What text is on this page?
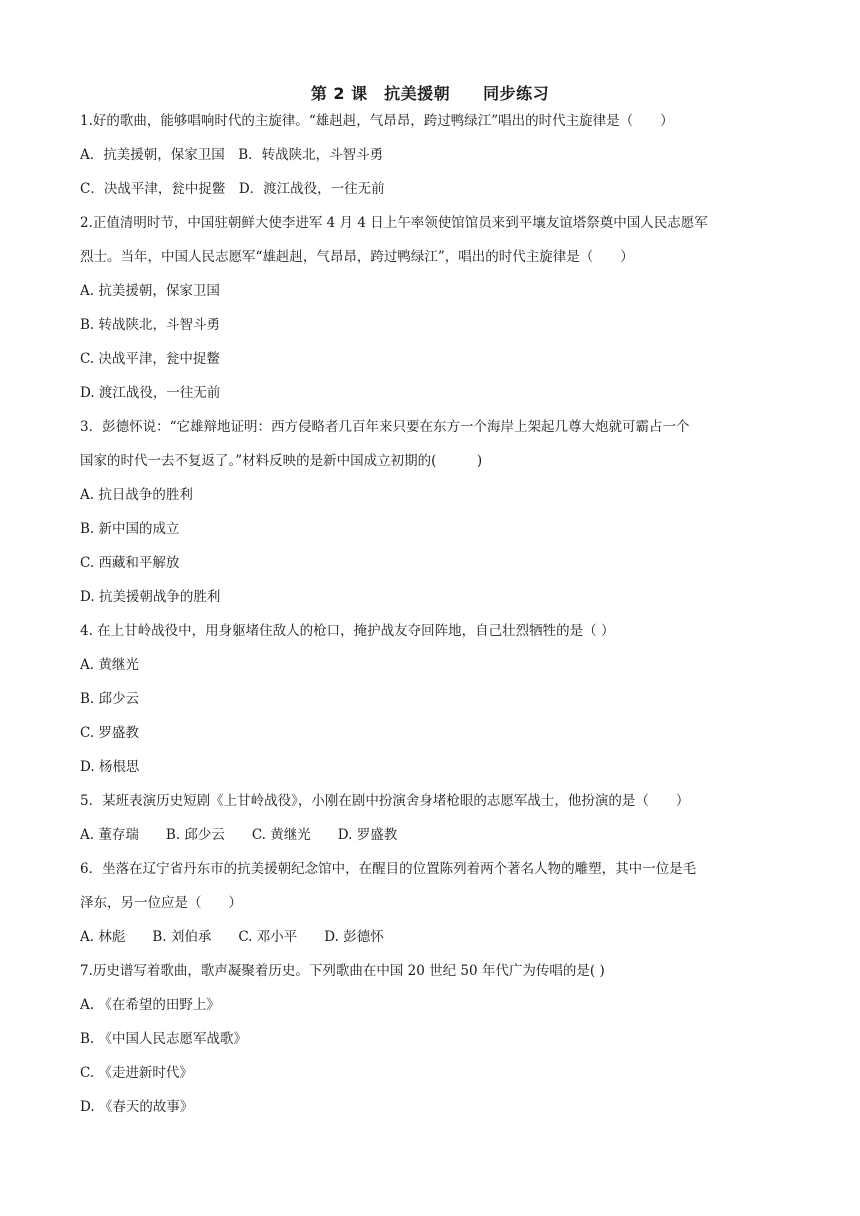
第 2 课　抗美援朝　　同步练习
1.好的歌曲，能够唱响时代的主旋律。“雄赳赳，气昂昂，跨过鸭绿江”唱出的时代主旋律是（　　）
A．抗美援朝，保家卫国　B．转战陕北，斗智斗勇
C．决战平津，瓮中捉鳖　D．渡江战役，一往无前
2.正值清明时节，中国驻朝鲜大使李进军 4 月 4 日上午率领使馆馆员来到平壤友谊塔祭奠中国人民志愿军
烈士。当年，中国人民志愿军“雄赳赳，气昂昂，跨过鸭绿江”，唱出的时代主旋律是（　　）
A. 抗美援朝，保家卫国
B. 转战陕北，斗智斗勇
C. 决战平津，瓮中捉鳖
D. 渡江战役，一往无前
3．彭德怀说：“它雄辩地证明：西方侵略者几百年来只要在东方一个海岸上架起几尊大炮就可霸占一个
国家的时代一去不复返了。”材料反映的是新中国成立初期的(　　　)
A. 抗日战争的胜利
B. 新中国的成立
C. 西藏和平解放
D. 抗美援朝战争的胜利
4. 在上甘岭战役中，用身躯堵住敌人的枪口，掩护战友夺回阵地，自己壮烈牺牲的是（ ）
A. 黄继光
B. 邱少云
C. 罗盛教
D. 杨根思
5．某班表演历史短剧《上甘岭战役》，小刚在剧中扮演舍身堵枪眼的志愿军战士，他扮演的是（　　）
A. 董存瑞　　B. 邱少云　　C. 黄继光　　D. 罗盛教
6．坐落在辽宁省丹东市的抗美援朝纪念馆中，在醒目的位置陈列着两个著名人物的雕塑，其中一位是毛
泽东，另一位应是（　　）
A. 林彪　　B. 刘伯承　　C. 邓小平　　D. 彭德怀
7.历史谱写着歌曲，歌声凝聚着历史。下列歌曲在中国 20 世纪 50 年代广为传唱的是( )
A. 《在希望的田野上》
B. 《中国人民志愿军战歌》
C. 《走进新时代》
D. 《春天的故事》
